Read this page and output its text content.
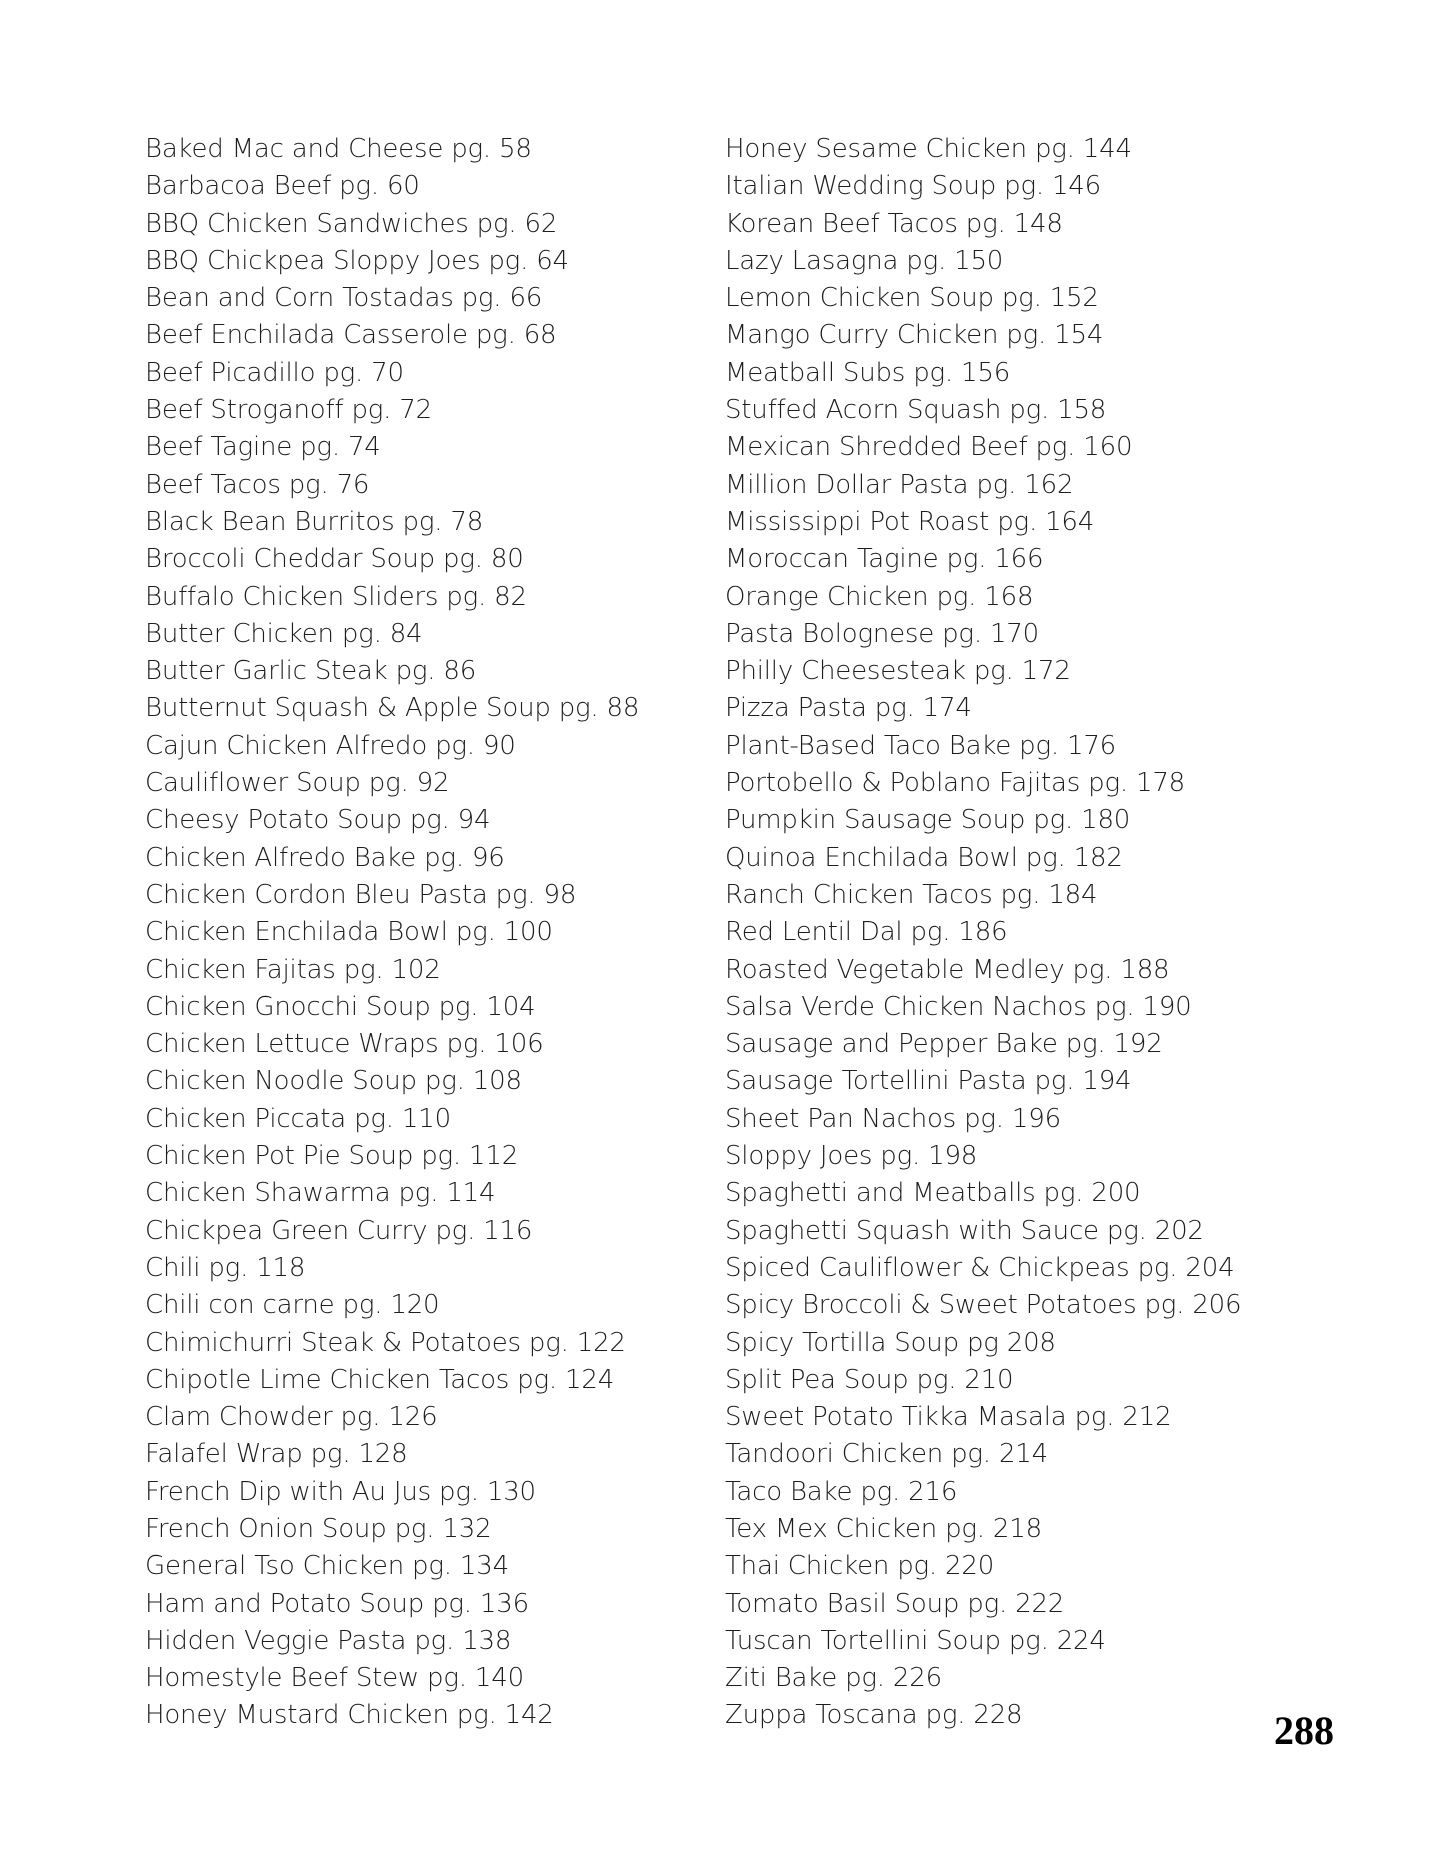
Baked Mac and Cheese pg. 58
Barbacoa Beef pg. 60
BBQ Chicken Sandwiches pg. 62
BBQ Chickpea Sloppy Joes pg. 64
Bean and Corn Tostadas pg. 66
Beef Enchilada Casserole pg. 68
Beef Picadillo pg. 70
Beef Stroganoff pg. 72
Beef Tagine pg. 74
Beef Tacos pg. 76
Black Bean Burritos pg. 78
Broccoli Cheddar Soup pg. 80
Buffalo Chicken Sliders pg. 82
Butter Chicken pg. 84
Butter Garlic Steak pg. 86
Butternut Squash & Apple Soup pg. 88
Cajun Chicken Alfredo pg. 90
Cauliflower Soup pg. 92
Cheesy Potato Soup pg. 94
Chicken Alfredo Bake pg. 96
Chicken Cordon Bleu Pasta pg. 98
Chicken Enchilada Bowl pg. 100
Chicken Fajitas pg. 102
Chicken Gnocchi Soup pg. 104
Chicken Lettuce Wraps pg. 106
Chicken Noodle Soup pg. 108
Chicken Piccata pg. 110
Chicken Pot Pie Soup pg. 112
Chicken Shawarma pg. 114
Chickpea Green Curry pg. 116
Chili pg. 118
Chili con carne pg. 120
Chimichurri Steak & Potatoes pg. 122
Chipotle Lime Chicken Tacos pg. 124
Clam Chowder pg. 126
Falafel Wrap pg. 128
French Dip with Au Jus pg. 130
French Onion Soup pg. 132
General Tso Chicken pg. 134
Ham and Potato Soup pg. 136
Hidden Veggie Pasta pg. 138
Homestyle Beef Stew pg. 140
Honey Mustard Chicken pg. 142
Honey Sesame Chicken pg. 144
Italian Wedding Soup pg. 146
Korean Beef Tacos pg. 148
Lazy Lasagna pg. 150
Lemon Chicken Soup pg. 152
Mango Curry Chicken pg. 154
Meatball Subs pg. 156
Stuffed Acorn Squash pg. 158
Mexican Shredded Beef pg. 160
Million Dollar Pasta pg. 162
Mississippi Pot Roast pg. 164
Moroccan Tagine pg. 166
Orange Chicken pg. 168
Pasta Bolognese pg. 170
Philly Cheesesteak pg. 172
Pizza Pasta pg. 174
Plant-Based Taco Bake pg. 176
Portobello & Poblano Fajitas pg. 178
Pumpkin Sausage Soup pg. 180
Quinoa Enchilada Bowl pg. 182
Ranch Chicken Tacos pg. 184
Red Lentil Dal pg. 186
Roasted Vegetable Medley pg. 188
Salsa Verde Chicken Nachos pg. 190
Sausage and Pepper Bake pg. 192
Sausage Tortellini Pasta pg. 194
Sheet Pan Nachos pg. 196
Sloppy Joes pg. 198
Spaghetti and Meatballs pg. 200
Spaghetti Squash with Sauce pg. 202
Spiced Cauliflower & Chickpeas pg. 204
Spicy Broccoli & Sweet Potatoes pg. 206
Spicy Tortilla Soup pg 208
Split Pea Soup pg. 210
Sweet Potato Tikka Masala pg. 212
Tandoori Chicken pg. 214
Taco Bake pg. 216
Tex Mex Chicken pg. 218
Thai Chicken pg. 220
Tomato Basil Soup pg. 222
Tuscan Tortellini Soup pg. 224
Ziti Bake pg. 226
Zuppa Toscana pg. 228	288
